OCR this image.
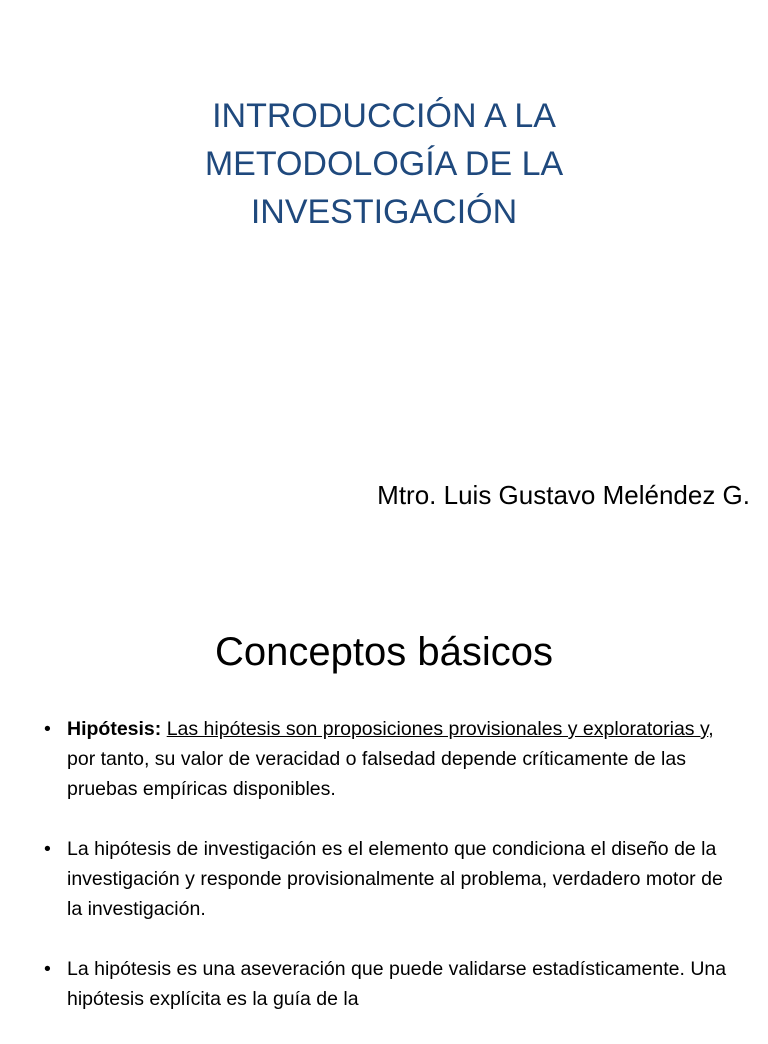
INTRODUCCIÓN A LA
METODOLOGÍA DE LA
INVESTIGACIÓN
Mtro. Luis Gustavo Meléndez G.
Conceptos básicos
• Hipótesis: Las hipótesis son proposiciones provisionales y exploratorias y, por tanto, su valor de veracidad o falsedad depende críticamente de las pruebas empíricas disponibles.
• La hipótesis de investigación es el elemento que condiciona el diseño de la investigación y responde provisionalmente al problema, verdadero motor de la investigación.
• La hipótesis es una aseveración que puede validarse estadísticamente. Una hipótesis explícita es la guía de la
